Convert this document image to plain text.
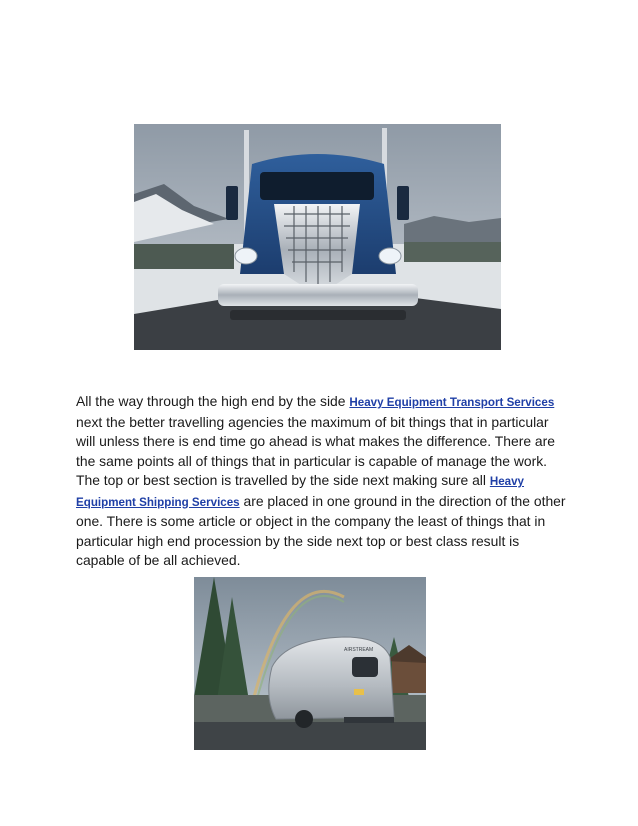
All the way through the high end by the side Heavy Equipment Transport Services next the better travelling agencies the maximum of bit things that in particular will unless there is end time go ahead is what makes the difference. There are the same points all of things that in particular is capable of manage the work. The top or best section is travelled by the side next making sure all Heavy Equipment Shipping Services are placed in one ground in the direction of the other one. There is some article or object in the company the least of things that in particular high end procession by the side next top or best class result is capable of be all achieved.

AIRSTREAM
